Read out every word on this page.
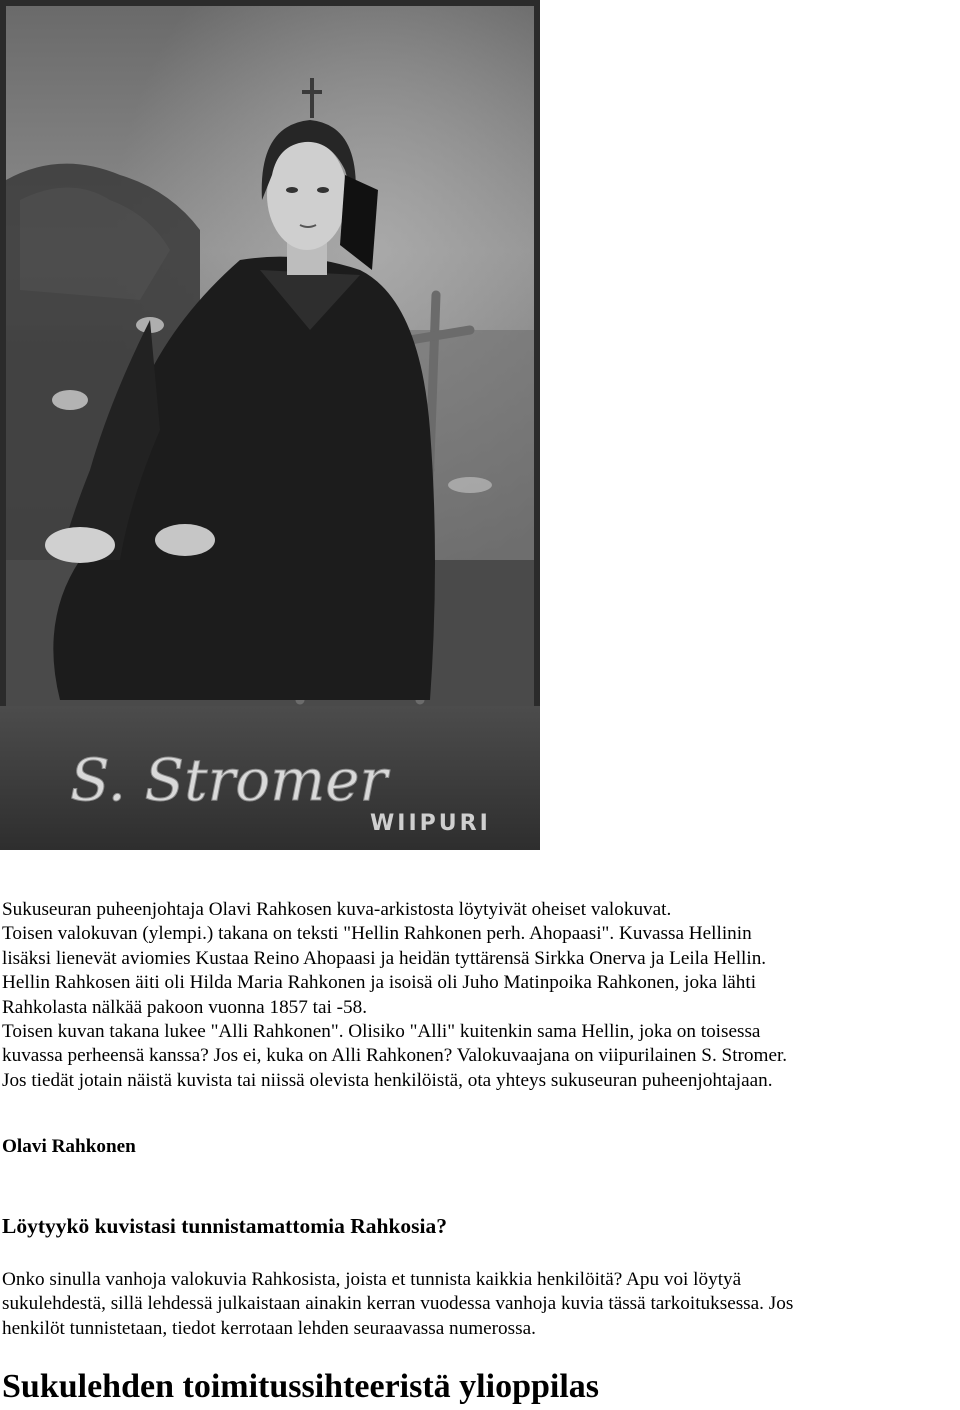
S. Stromer
WIIPURI

Sukuseuran puheenjohtaja Olavi Rahkosen kuva-arkistosta löytyivät oheiset valokuvat.

Toisen valokuvan (ylempi.) takana on teksti "Hellin Rahkonen perh. Ahopaasi". Kuvassa Hellinin

lisäksi lienevät aviomies Kustaa Reino Ahopaasi ja heidän tyttärensä Sirkka Onerva ja Leila Hellin.

Hellin Rahkosen äiti oli Hilda Maria Rahkonen ja isoisä oli Juho Matinpoika Rahkonen, joka lähti

Rahkolasta nälkää pakoon vuonna 1857 tai -58.

Toisen kuvan takana lukee "Alli Rahkonen". Olisiko "Alli" kuitenkin sama Hellin, joka on toisessa

kuvassa perheensä kanssa? Jos ei, kuka on Alli Rahkonen? Valokuvaajana on viipurilainen S. Stromer.

Jos tiedät jotain näistä kuvista tai niissä olevista henkilöistä, ota yhteys sukuseuran puheenjohtajaan.

Olavi Rahkonen

Löytyykö kuvistasi tunnistamattomia Rahkosia?
Onko sinulla vanhoja valokuvia Rahkosista, joista et tunnista kaikkia henkilöitä? Apu voi löytyä
sukulehdestä, sillä lehdessä julkaistaan ainakin kerran vuodessa vanhoja kuvia tässä tarkoituksessa. Jos
henkilöt tunnistetaan, tiedot kerrotaan lehden seuraavassa numerossa.
Sukulehden toimitussihteeristä ylioppilas
